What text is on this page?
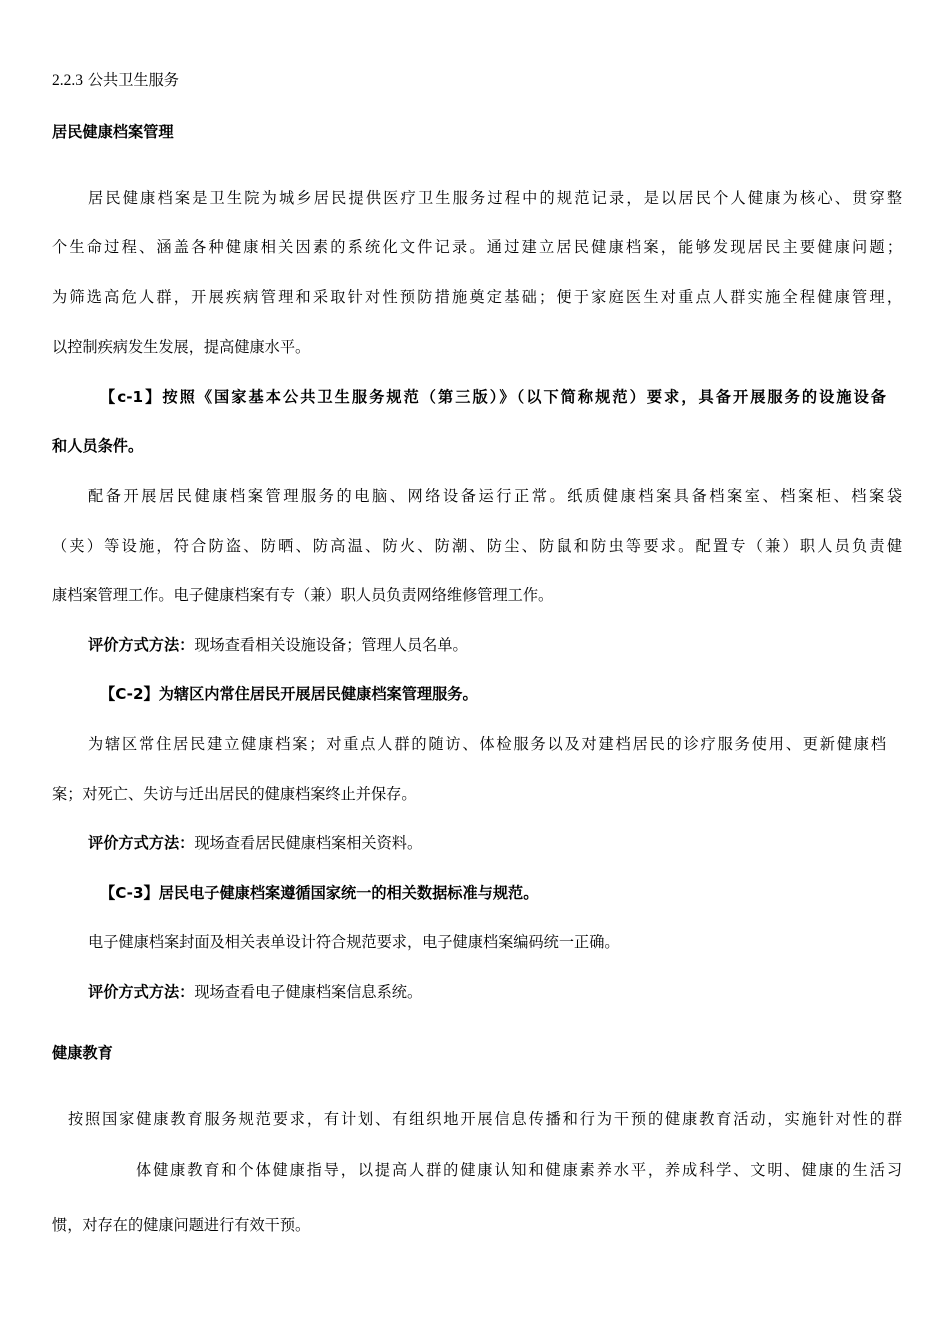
2.2.3 公共卫生服务
居民健康档案管理
居民健康档案是卫生院为城乡居民提供医疗卫生服务过程中的规范记录，是以居民个人健康为核心、贯穿整
个生命过程、涵盖各种健康相关因素的系统化文件记录。通过建立居民健康档案，能够发现居民主要健康问题；
为筛选高危人群，开展疾病管理和采取针对性预防措施奠定基础；便于家庭医生对重点人群实施全程健康管理，
以控制疾病发生发展，提高健康水平。
【c-1】按照《国家基本公共卫生服务规范（第三版）》（以下简称规范）要求，具备开展服务的设施设备
和人员条件。
配备开展居民健康档案管理服务的电脑、网络设备运行正常。纸质健康档案具备档案室、档案柜、档案袋
（夹）等设施，符合防盗、防晒、防高温、防火、防潮、防尘、防鼠和防虫等要求。配置专（兼）职人员负责健
康档案管理工作。电子健康档案有专（兼）职人员负责网络维修管理工作。
评价方式方法：现场查看相关设施设备；管理人员名单。
【C-2】为辖区内常住居民开展居民健康档案管理服务。
为辖区常住居民建立健康档案；对重点人群的随访、体检服务以及对建档居民的诊疗服务使用、更新健康档
案；对死亡、失访与迁出居民的健康档案终止并保存。
评价方式方法：现场查看居民健康档案相关资料。
【C-3】居民电子健康档案遵循国家统一的相关数据标准与规范。
电子健康档案封面及相关表单设计符合规范要求，电子健康档案编码统一正确。
评价方式方法：现场查看电子健康档案信息系统。
健康教育
按照国家健康教育服务规范要求，有计划、有组织地开展信息传播和行为干预的健康教育活动，实施针对性的群
体健康教育和个体健康指导，以提高人群的健康认知和健康素养水平，养成科学、文明、健康的生活习
惯，对存在的健康问题进行有效干预。
